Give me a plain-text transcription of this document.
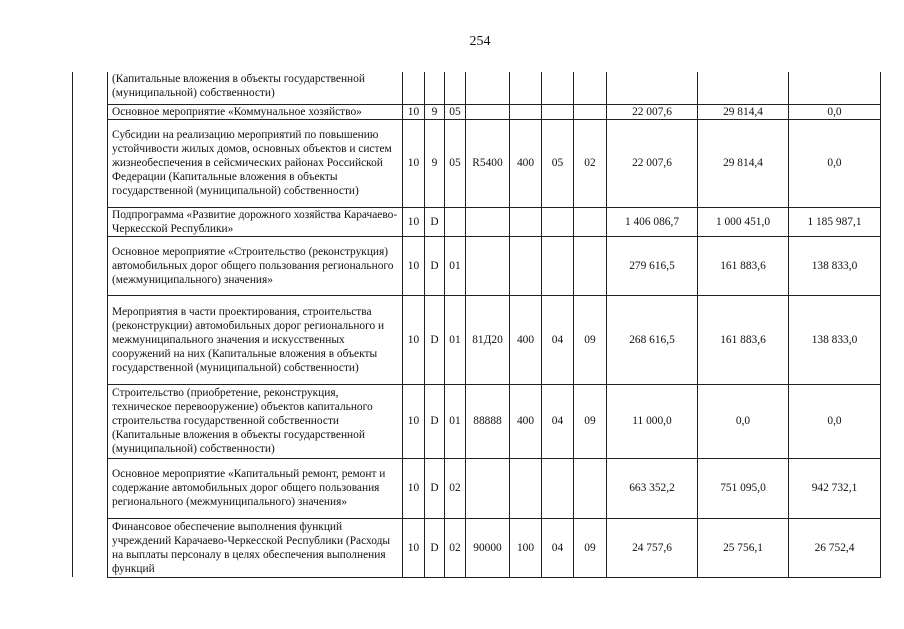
254
	(Капитальные вложения в объекты государственной (муниципальной) собственности)										
	Основное мероприятие «Коммунальное хозяйство»	10	9	05					22 007,6	29 814,4	0,0
	Субсидии на реализацию мероприятий по повышению устойчивости жилых домов, основных объектов и систем жизнеобеспечения в сейсмических районах Российской Федерации (Капитальные вложения в объекты государственной (муниципальной) собственности)	10	9	05	R5400	400	05	02	22 007,6	29 814,4	0,0
	Подпрограмма «Развитие дорожного хозяйства Карачаево-Черкесской Республики»	10	D						1 406 086,7	1 000 451,0	1 185 987,1
	Основное мероприятие «Строительство (реконструкция) автомобильных дорог общего пользования регионального (межмуниципального) значения»	10	D	01					279 616,5	161 883,6	138 833,0
	Мероприятия в части проектирования, строительства (реконструкции) автомобильных дорог регионального и межмуниципального значения и искусственных сооружений на них (Капитальные вложения в объекты государственной (муниципальной) собственности)	10	D	01	81Д20	400	04	09	268 616,5	161 883,6	138 833,0
	Строительство (приобретение, реконструкция, техническое перевооружение) объектов капитального строительства государственной собственности (Капитальные вложения в объекты государственной (муниципальной) собственности)	10	D	01	88888	400	04	09	11 000,0	0,0	0,0
	Основное мероприятие «Капитальный ремонт, ремонт и содержание автомобильных дорог общего пользования регионального (межмуниципального) значения»	10	D	02					663 352,2	751 095,0	942 732,1
	Финансовое обеспечение выполнения функций учреждений Карачаево-Черкесской Республики (Расходы на выплаты персоналу в целях обеспечения выполнения функций	10	D	02	90000	100	04	09	24 757,6	25 756,1	26 752,4
